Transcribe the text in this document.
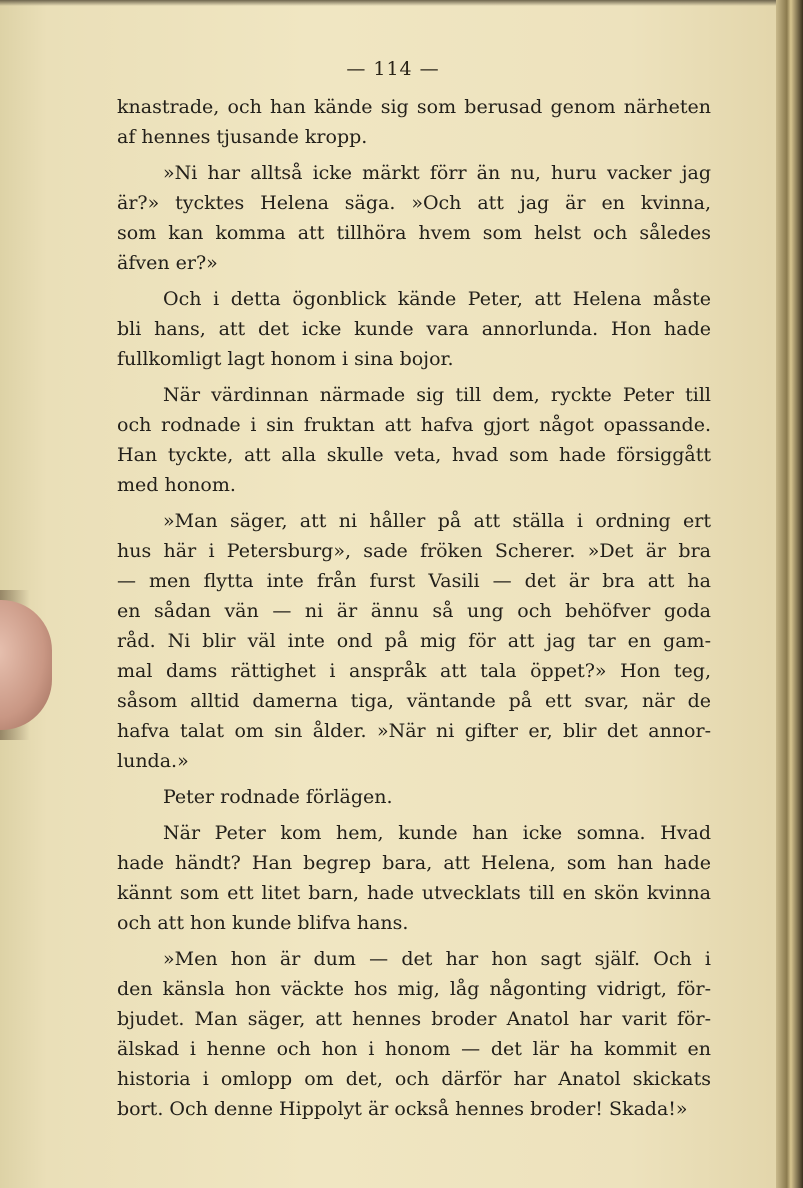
— 114 —
knastrade, och han kände sig som berusad genom närheten
af hennes tjusande kropp.
»Ni har alltså icke märkt förr än nu, huru vacker jag
är?» tycktes Helena säga. »Och att jag är en kvinna,
som kan komma att tillhöra hvem som helst och således
äfven er?»
Och i detta ögonblick kände Peter, att Helena måste
bli hans, att det icke kunde vara annorlunda. Hon hade
fullkomligt lagt honom i sina bojor.
När värdinnan närmade sig till dem, ryckte Peter till
och rodnade i sin fruktan att hafva gjort något opassande.
Han tyckte, att alla skulle veta, hvad som hade försiggått
med honom.
»Man säger, att ni håller på att ställa i ordning ert
hus här i Petersburg», sade fröken Scherer. »Det är bra
— men flytta inte från furst Vasili — det är bra att ha
en sådan vän — ni är ännu så ung och behöfver goda
råd. Ni blir väl inte ond på mig för att jag tar en gam-
mal dams rättighet i anspråk att tala öppet?» Hon teg,
såsom alltid damerna tiga, väntande på ett svar, när de
hafva talat om sin ålder. »När ni gifter er, blir det annor-
lunda.»
Peter rodnade förlägen.
När Peter kom hem, kunde han icke somna. Hvad
hade händt? Han begrep bara, att Helena, som han hade
kännt som ett litet barn, hade utvecklats till en skön kvinna
och att hon kunde blifva hans.
»Men hon är dum — det har hon sagt själf. Och i
den känsla hon väckte hos mig, låg någonting vidrigt, för-
bjudet. Man säger, att hennes broder Anatol har varit för-
älskad i henne och hon i honom — det lär ha kommit en
historia i omlopp om det, och därför har Anatol skickats
bort. Och denne Hippolyt är också hennes broder! Skada!»
